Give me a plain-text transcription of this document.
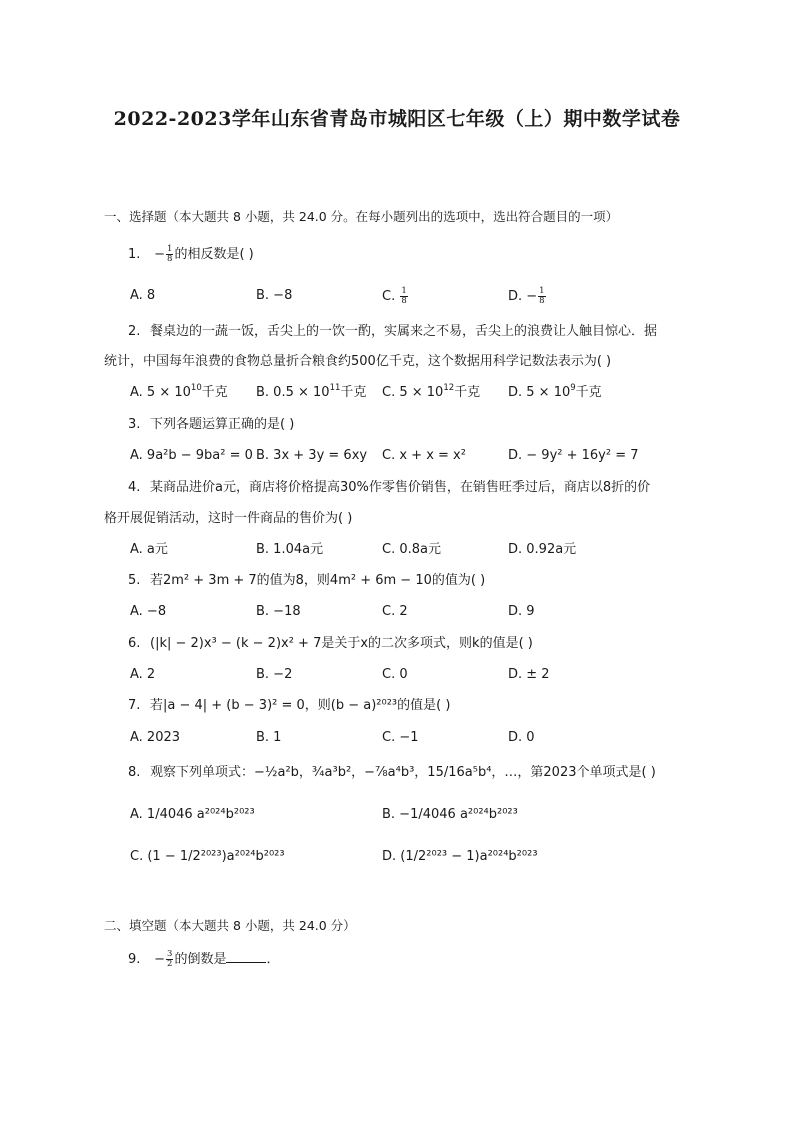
2022-2023学年山东省青岛市城阳区七年级（上）期中数学试卷
一、选择题（本大题共 8 小题，共 24.0 分。在每小题列出的选项中，选出符合题目的一项）
1. − $\frac{1}{8}$ 的相反数是( )
A. 8	B. −8	C. $\frac{1}{8}$	D. − $\frac{1}{8}$
2. 餐桌边的一蔬一饭，舌尖上的一饮一酌，实属来之不易，舌尖上的浪费让人触目惊心．据
统计，中国每年浪费的食物总量折合粮食约500亿千克，这个数据用科学记数法表示为( )
A. $5 \times 10^{10}$千克 B. $0.5 \times 10^{11}$千克 C. $5 \times 10^{12}$千克 D. $5 \times 10^9$千克
3. 下列各题运算正确的是( )
A. 9a²b − 9ba² = 0 B. 3x + 3y = 6xy C. x + x = x²	D. − 9y² + 16y² = 7
4. 某商品进价a元，商店将价格提高30%作零售价销售，在销售旺季过后，商店以8折的价
格开展促销活动，这时一件商品的售价为( )
A. a元	B. 1.04a元	C. 0.8a元	D. 0.92a元
5. 若2m² + 3m + 7的值为8，则4m² + 6m − 10的值为( )
A. −8	B. −18	C. 2	D. 9
6. (|k| − 2)x³ − (k − 2)x² + 7是关于x的二次多项式，则k的值是( )
A. 2	B. −2	C. 0	D. ± 2
7. 若|a − 4| + (b − 3)² = 0，则(b − a)²⁰²³的值是( )
A. 2023	B. 1	C. −1	D. 0
8. 观察下列单项式：−½a²b，¾a³b²，−⅞a⁴b³，15/16a⁵b⁴，…，第2023个单项式是( )
A. 1/4046 a²⁰²⁴b²⁰²³	B. −1/4046 a²⁰²⁴b²⁰²³
C. (1 − 1/2²⁰²³)a²⁰²⁴b²⁰²³	D. (1/2²⁰²³ − 1)a²⁰²⁴b²⁰²³
二、填空题（本大题共 8 小题，共 24.0 分）
9. − $\frac{3}{2}$ 的倒数是	．
